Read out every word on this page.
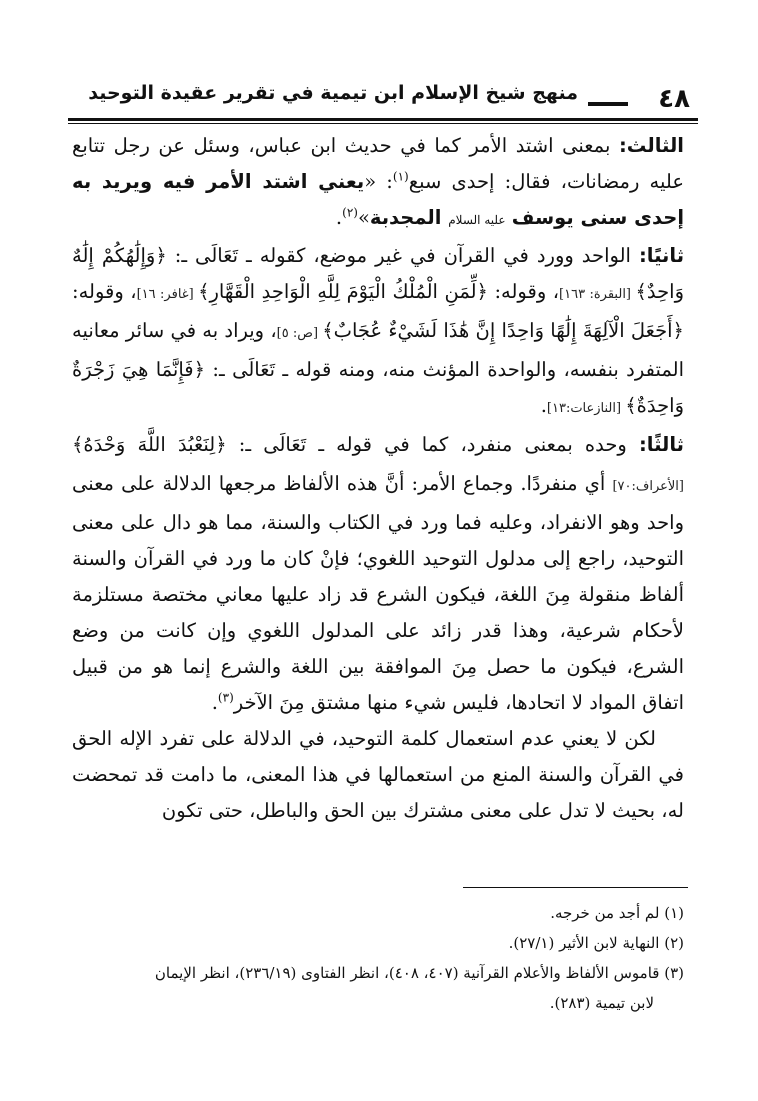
٤٨
منهج شيخ الإسلام ابن تيمية في تقرير عقيدة التوحيد

الثالث: بمعنى اشتد الأمر كما في حديث ابن عباس، وسئل عن رجل تتابع عليه رمضانات، فقال: إحدى سبع$^{(١)}$: «يعني اشتد الأمر فيه ويريد به إحدى سنى يوسف عليه السلام المجدبة»$^{(٢)}$.

ثانيًا: الواحد وورد في القرآن في غير موضع، كقوله ـ تَعَالَى ـ: ﴿وَإِلَٰهُكُمْ إِلَٰهٌ وَاحِدٌ﴾ [البقرة: ١٦٣]، وقوله: ﴿لِّمَنِ الْمُلْكُ الْيَوْمَ لِلَّهِ الْوَاحِدِ الْقَهَّارِ﴾ [غافر: ١٦]، وقوله: ﴿أَجَعَلَ الْآلِهَةَ إِلَٰهًا وَاحِدًا إِنَّ هَٰذَا لَشَيْءٌ عُجَابٌ﴾ [ص: ٥]، ويراد به في سائر معانيه المتفرد بنفسه، والواحدة المؤنث منه، ومنه قوله ـ تَعَالَى ـ: ﴿فَإِنَّمَا هِيَ زَجْرَةٌ وَاحِدَةٌ﴾ [النازعات:١٣].

ثالثًا: وحده بمعنى منفرد، كما في قوله ـ تَعَالَى ـ: ﴿لِنَعْبُدَ اللَّهَ وَحْدَهُ﴾ [الأعراف:٧٠] أي منفردًا. وجماع الأمر: أنَّ هذه الألفاظ مرجعها الدلالة على معنى واحد وهو الانفراد، وعليه فما ورد في الكتاب والسنة، مما هو دال على معنى التوحيد، راجع إلى مدلول التوحيد اللغوي؛ فإنْ كان ما ورد في القرآن والسنة ألفاظ منقولة مِنَ اللغة، فيكون الشرع قد زاد عليها معاني مختصة مستلزمة لأحكام شرعية، وهذا قدر زائد على المدلول اللغوي وإن كانت من وضع الشرع، فيكون ما حصل مِنَ الموافقة بين اللغة والشرع إنما هو من قبيل اتفاق المواد لا اتحادها، فليس شيء منها مشتق مِنَ الآخر$^{(٣)}$.

لكن لا يعني عدم استعمال كلمة التوحيد، في الدلالة على تفرد الإله الحق في القرآن والسنة المنع من استعمالها في هذا المعنى، ما دامت قد تمحضت له، بحيث لا تدل على معنى مشترك بين الحق والباطل، حتى تكون

(١) لم أجد من خرجه.

(٢) النهاية لابن الأثير (٢٧/١).

(٣) قاموس الألفاظ والأعلام القرآنية (٤٠٧، ٤٠٨)، انظر الفتاوى (٢٣٦/١٩)، انظر الإيمان

لابن تيمية (٢٨٣).
